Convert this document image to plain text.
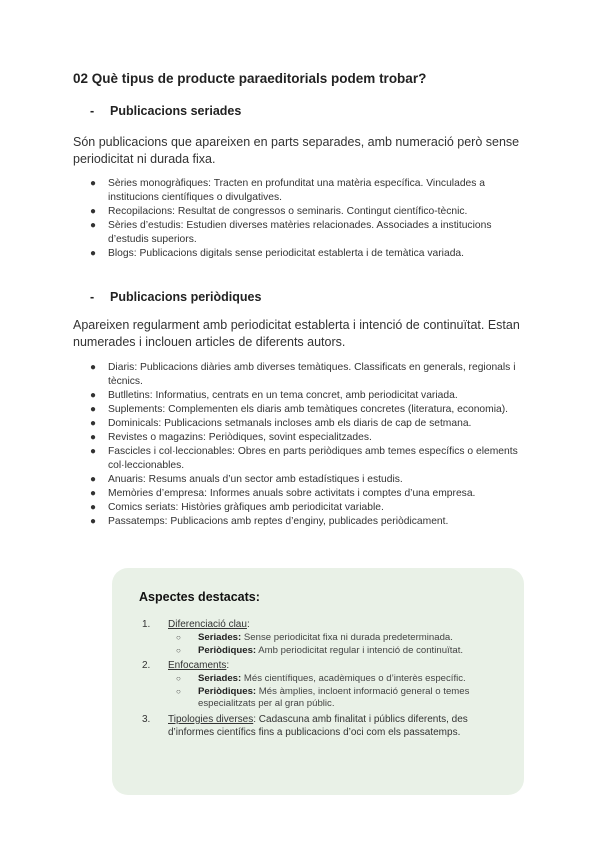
02 Què tipus de producte paraeditorials podem trobar?
- Publicacions seriades
Són publicacions que apareixen en parts separades, amb numeració però sense periodicitat ni durada fixa.
● Sèries monogràfiques: Tracten en profunditat una matèria específica. Vinculades a institucions científiques o divulgatives.
● Recopilacions: Resultat de congressos o seminaris. Contingut científico-tècnic.
● Sèries d’estudis: Estudien diverses matèries relacionades. Associades a institucions d’estudis superiors.
● Blogs: Publicacions digitals sense periodicitat establerta i de temàtica variada.
- Publicacions periòdiques
Apareixen regularment amb periodicitat establerta i intenció de continuïtat. Estan numerades i inclouen articles de diferents autors.
● Diaris: Publicacions diàries amb diverses temàtiques. Classificats en generals, regionals i tècnics.
● Butlletins: Informatius, centrats en un tema concret, amb periodicitat variada.
● Suplements: Complementen els diaris amb temàtiques concretes (literatura, economia).
● Dominicals: Publicacions setmanals incloses amb els diaris de cap de setmana.
● Revistes o magazins: Periòdiques, sovint especialitzades.
● Fascicles i col·leccionables: Obres en parts periòdiques amb temes específics o elements col·leccionables.
● Anuaris: Resums anuals d’un sector amb estadístiques i estudis.
● Memòries d’empresa: Informes anuals sobre activitats i comptes d’una empresa.
● Comics seriats: Històries gràfiques amb periodicitat variable.
● Passatemps: Publicacions amb reptes d’enginy, publicades periòdicament.
Aspectes destacats:
1. Diferenciació clau:
○ Seriades: Sense periodicitat fixa ni durada predeterminada.
○ Periòdiques: Amb periodicitat regular i intenció de continuïtat.
2. Enfocaments:
○ Seriades: Més científiques, acadèmiques o d’interès específic.
○ Periòdiques: Més àmplies, incloent informació general o temes especialitzats per al gran públic.
3. Tipologies diverses: Cadascuna amb finalitat i públics diferents, des d’informes científics fins a publicacions d’oci com els passatemps.
